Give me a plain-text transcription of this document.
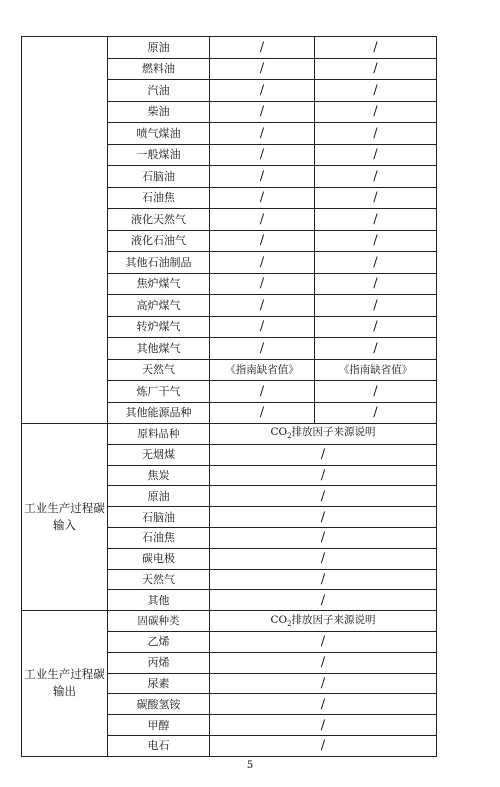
	原油	/	/
	燃料油	/	/
	汽油	/	/
	柴油	/	/
	喷气煤油	/	/
	一般煤油	/	/
	石脑油	/	/
	石油焦	/	/
	液化天然气	/	/
	液化石油气	/	/
	其他石油制品	/	/
	焦炉煤气	/	/
	高炉煤气	/	/
	转炉煤气	/	/
	其他煤气	/	/
	天然气	《指南缺省值》	《指南缺省值》
	炼厂干气	/	/
	其他能源品种	/	/
工业生产过程碳输入	原料品种	$CO_2$排放因子来源说明	
	无烟煤	/	
	焦炭	/	
	原油	/	
	石脑油	/	
	石油焦	/	
	碳电极	/	
	天然气	/	
	其他	/	
工业生产过程碳输出	固碳种类	$CO_2$排放因子来源说明	
	乙烯	/	
	丙烯	/	
	尿素	/	
	碳酸氢铵	/	
	甲醇	/	
	电石	/	
5
